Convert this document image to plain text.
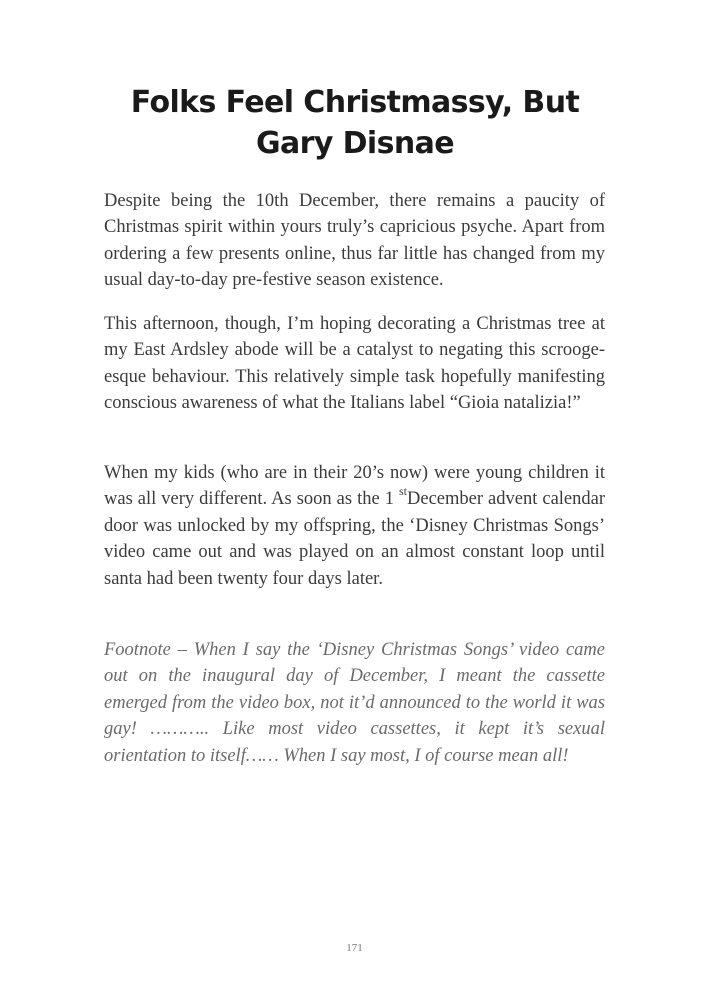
Folks Feel Christmassy, But Gary Disnae

Despite being the 10th December, there remains a paucity of Christmas spirit within yours truly’s capricious psyche. Apart from ordering a few presents online, thus far little has changed from my usual day-to-day pre-festive season existence.

This afternoon, though, I’m hoping decorating a Christmas tree at my East Ardsley abode will be a catalyst to negating this scrooge-esque behaviour. This relatively simple task hopefully manifesting conscious awareness of what the Italians label “Gioia natalizia!”

When my kids (who are in their 20’s now) were young children it was all very different. As soon as the 1 $^{st}$December advent calendar door was unlocked by my offspring, the ‘Disney Christmas Songs’ video came out and was played on an almost constant loop until santa had been twenty four days later.

Footnote – When I say the ‘Disney Christmas Songs’ video came out on the inaugural day of December, I meant the cassette emerged from the video box, not it’d announced to the world it was gay! ……….. Like most video cassettes, it kept it’s sexual orientation to itself…… When I say most, I of course mean all!

171
